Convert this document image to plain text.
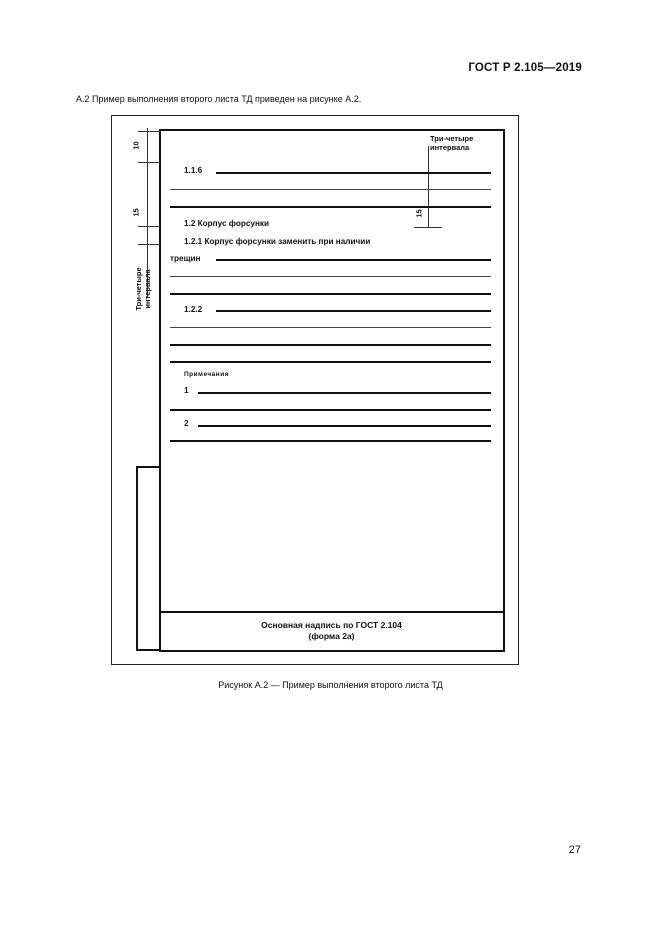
ГОСТ Р 2.105—2019
А.2 Пример выполнения второго листа ТД приведен на рисунке А.2.
10
15
Три-четыре интервала
Три-четыре интервала
15
1.1.6
1.2 Корпус форсунки
1.2.1 Корпус форсунки заменить при наличии
трещин
1.2.2
Примечания
1
2
Основная надпись по ГОСТ 2.104
(форма 2а)
Рисунок А.2 — Пример выполнения второго листа ТД
27
